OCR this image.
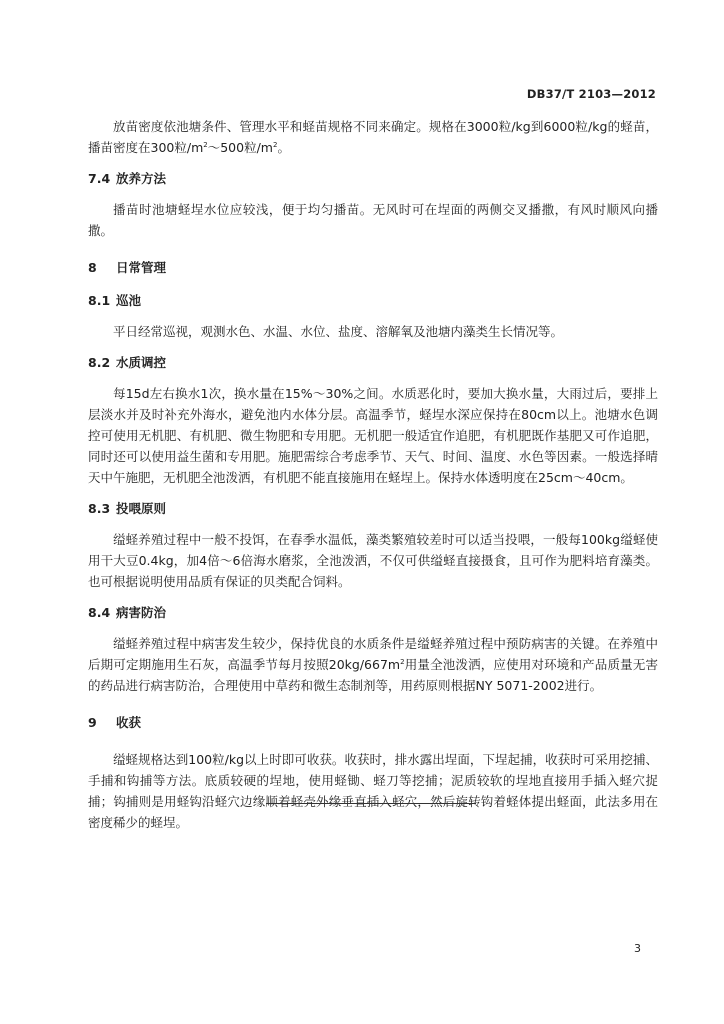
DB37/T 2103—2012

放苗密度依池塘条件、管理水平和蛏苗规格不同来确定。规格在3000粒/kg到6000粒/kg的蛏苗，播苗密度在300粒$/m^2\sim 500$粒$/m^2$。

7.4 放养方法

播苗时池塘蛏埕水位应较浅，便于均匀播苗。无风时可在埕面的两侧交叉播撒，有风时顺风向播撒。

8 日常管理

8.1 巡池

平日经常巡视，观测水色、水温、水位、盐度、溶解氧及池塘内藻类生长情况等。

8.2 水质调控

每15d左右换水1次，换水量在15%～30%之间。水质恶化时，要加大换水量，大雨过后，要排上层淡水并及时补充外海水，避免池内水体分层。高温季节，蛏埕水深应保持在80cm以上。池塘水色调控可使用无机肥、有机肥、微生物肥和专用肥。无机肥一般适宜作追肥，有机肥既作基肥又可作追肥，同时还可以使用益生菌和专用肥。施肥需综合考虑季节、天气、时间、温度、水色等因素。一般选择晴天中午施肥，无机肥全池泼洒，有机肥不能直接施用在蛏埕上。保持水体透明度在25cm～40cm。

8.3 投喂原则

缢蛏养殖过程中一般不投饵，在春季水温低，藻类繁殖较差时可以适当投喂，一般每100kg缢蛏使用干大豆0.4kg，加4倍～6倍海水磨浆，全池泼洒，不仅可供缢蛏直接摄食，且可作为肥料培育藻类。也可根据说明使用品质有保证的贝类配合饲料。

8.4 病害防治

缢蛏养殖过程中病害发生较少，保持优良的水质条件是缢蛏养殖过程中预防病害的关键。在养殖中后期可定期施用生石灰，高温季节每月按照$20kg/667m^2$用量全池泼洒，应使用对环境和产品质量无害的药品进行病害防治，合理使用中草药和微生态制剂等，用药原则根据NY 5071-2002进行。

9 收获

缢蛏规格达到100粒/kg以上时即可收获。收获时，排水露出埕面，下埕起捕，收获时可采用挖捕、手捕和钩捕等方法。底质较硬的埕地，使用蛏锄、蛏刀等挖捕；泥质较软的埕地直接用手插入蛏穴捉捕；钩捕则是用蛏钩沿蛏穴边缘顺着蛏壳外缘垂直插入蛏穴，然后旋转钩着蛏体提出蛏面，此法多用在密度稀少的蛏埕。

3
